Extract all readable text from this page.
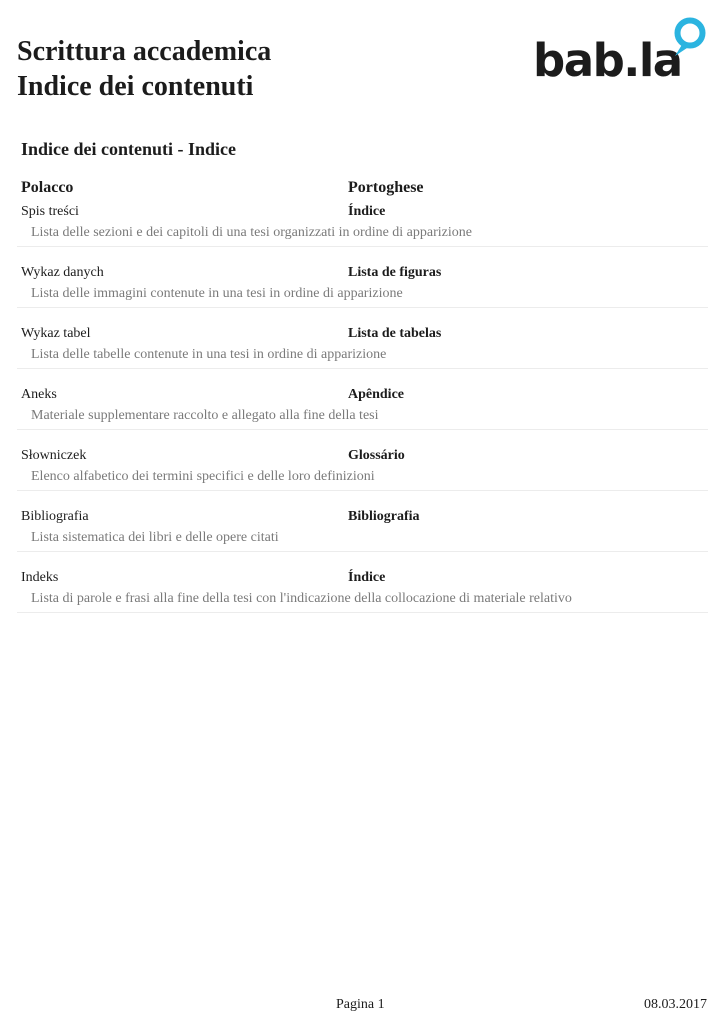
Scrittura accademica
Indice dei contenuti	bab.la
Indice dei contenuti - Indice
Polacco	Portoghese
Spis treści	Índice
Lista delle sezioni e dei capitoli di una tesi organizzati in ordine di apparizione
Wykaz danych	Lista de figuras
Lista delle immagini contenute in una tesi in ordine di apparizione
Wykaz tabel	Lista de tabelas
Lista delle tabelle contenute in una tesi in ordine di apparizione
Aneks	Apêndice
Materiale supplementare raccolto e allegato alla fine della tesi
Słowniczek	Glossário
Elenco alfabetico dei termini specifici e delle loro definizioni
Bibliografia	Bibliografia
Lista sistematica dei libri e delle opere citati
Indeks	Índice
Lista di parole e frasi alla fine della tesi con l'indicazione della collocazione di materiale relativo
Pagina 1	08.03.2017
